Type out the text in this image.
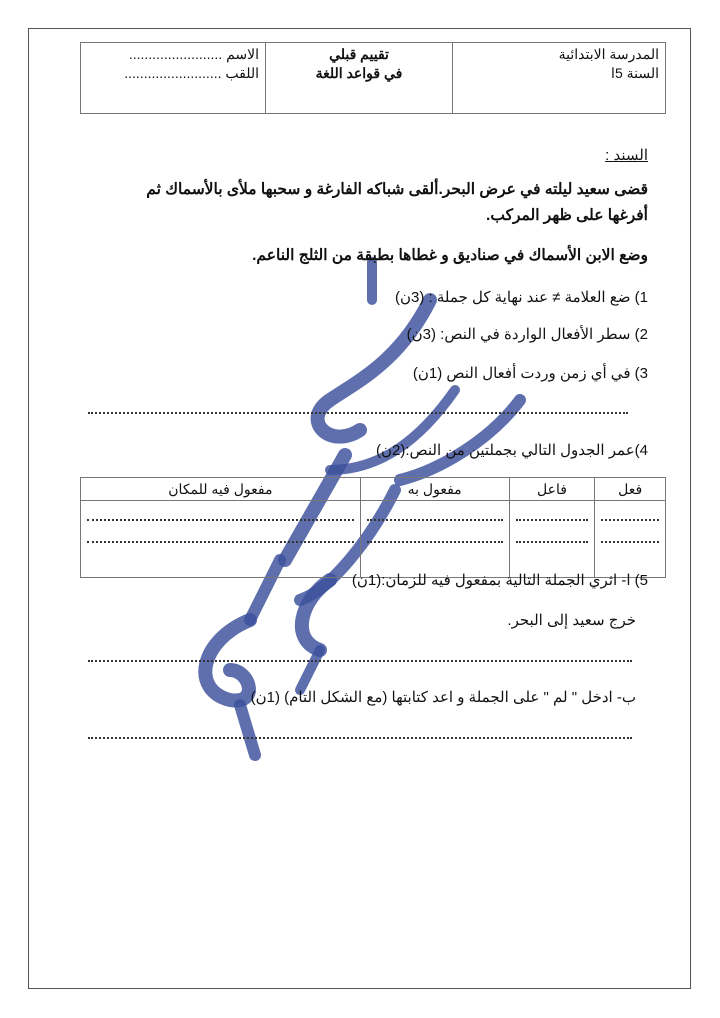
المدرسة الابتدائية
السنة 5ا
تقييم قبلي
في قواعد اللغة
الاسم ........................
اللقب .........................
السند :
قضى سعيد ليلته في عرض البحر.ألقى شباكه الفارغة و سحبها ملأى بالأسماك ثم
أفرغها على ظهر المركب.
وضع الابن الأسماك في صناديق و غطاها بطبقة من الثلج الناعم.
1) ضع العلامة ≠ عند نهاية كل جملة : (3ن)
2) سطر الأفعال الواردة في النص: (3ن)
3) في أي زمن وردت أفعال النص (1ن)
4)عمر الجدول التالي بجملتين من النص:(2ن)
فعل	فاعل	مفعول به	مفعول فيه للمكان

5) ا- اثري الجملة التالية بمفعول فيه للزمان:(1ن)
خرج سعيد إلى البحر.
ب- ادخل " لم " على الجملة و اعد كتابتها (مع الشكل التام) (1ن)
